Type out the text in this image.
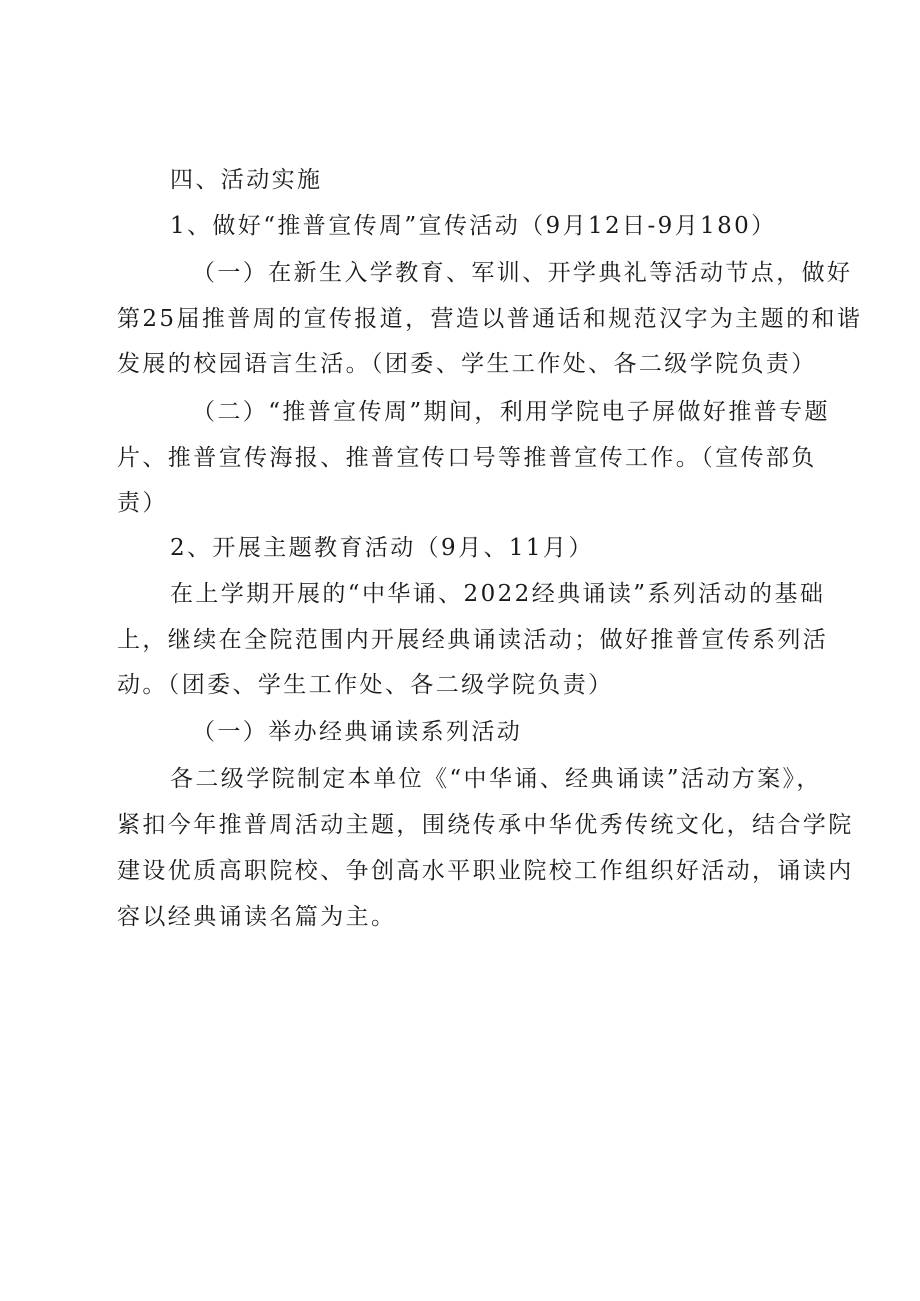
四、活动实施
1、做好“推普宣传周”宣传活动（9月12日-9月180）
（一）在新生入学教育、军训、开学典礼等活动节点，做好
第25届推普周的宣传报道，营造以普通话和规范汉字为主题的和谐
发展的校园语言生活。（团委、学生工作处、各二级学院负责）
（二）“推普宣传周”期间，利用学院电子屏做好推普专题
片、推普宣传海报、推普宣传口号等推普宣传工作。（宣传部负
责）
2、开展主题教育活动（9月、11月）
在上学期开展的“中华诵、2022经典诵读”系列活动的基础
上，继续在全院范围内开展经典诵读活动；做好推普宣传系列活
动。（团委、学生工作处、各二级学院负责）
（一）举办经典诵读系列活动
各二级学院制定本单位《“中华诵、经典诵读”活动方案》，
紧扣今年推普周活动主题，围绕传承中华优秀传统文化，结合学院
建设优质高职院校、争创高水平职业院校工作组织好活动，诵读内
容以经典诵读名篇为主。
